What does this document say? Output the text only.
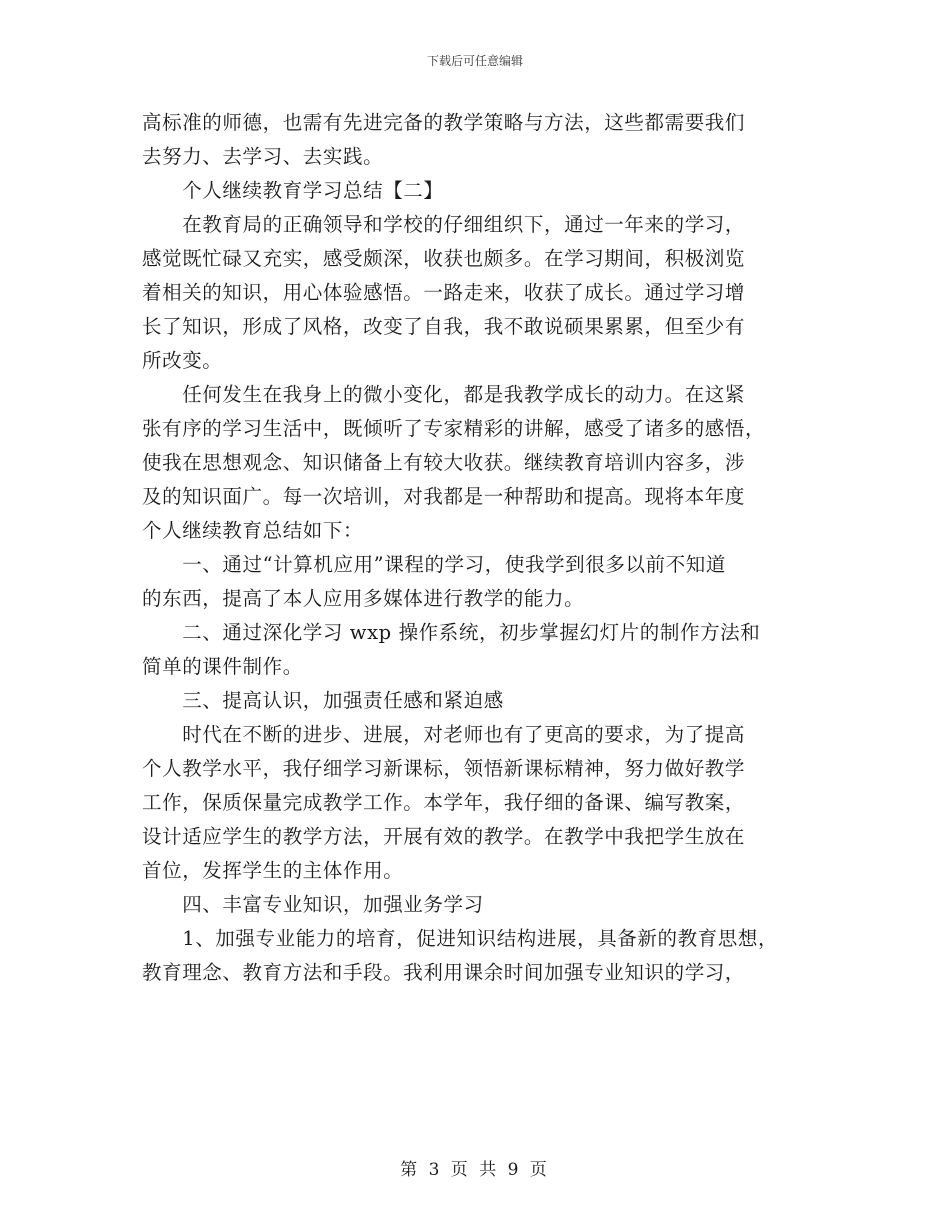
下载后可任意编辑
高标准的师德，也需有先进完备的教学策略与方法，这些都需要我们
去努力、去学习、去实践。
　　个人继续教育学习总结【二】
　　在教育局的正确领导和学校的仔细组织下，通过一年来的学习，
感觉既忙碌又充实，感受颇深，收获也颇多。在学习期间，积极浏览
着相关的知识，用心体验感悟。一路走来，收获了成长。通过学习增
长了知识，形成了风格，改变了自我，我不敢说硕果累累，但至少有
所改变。
　　任何发生在我身上的微小变化，都是我教学成长的动力。在这紧
张有序的学习生活中，既倾听了专家精彩的讲解，感受了诸多的感悟，
使我在思想观念、知识储备上有较大收获。继续教育培训内容多，涉
及的知识面广。每一次培训，对我都是一种帮助和提高。现将本年度
个人继续教育总结如下：
　　一、通过“计算机应用”课程的学习，使我学到很多以前不知道
的东西，提高了本人应用多媒体进行教学的能力。
　　二、通过深化学习 wxp 操作系统，初步掌握幻灯片的制作方法和
简单的课件制作。
　　三、提高认识，加强责任感和紧迫感
　　时代在不断的进步、进展，对老师也有了更高的要求，为了提高
个人教学水平，我仔细学习新课标，领悟新课标精神，努力做好教学
工作，保质保量完成教学工作。本学年，我仔细的备课、编写教案，
设计适应学生的教学方法，开展有效的教学。在教学中我把学生放在
首位，发挥学生的主体作用。
　　四、丰富专业知识，加强业务学习
　　1、加强专业能力的培育，促进知识结构进展，具备新的教育思想，
教育理念、教育方法和手段。我利用课余时间加强专业知识的学习，
第 3 页 共 9 页
